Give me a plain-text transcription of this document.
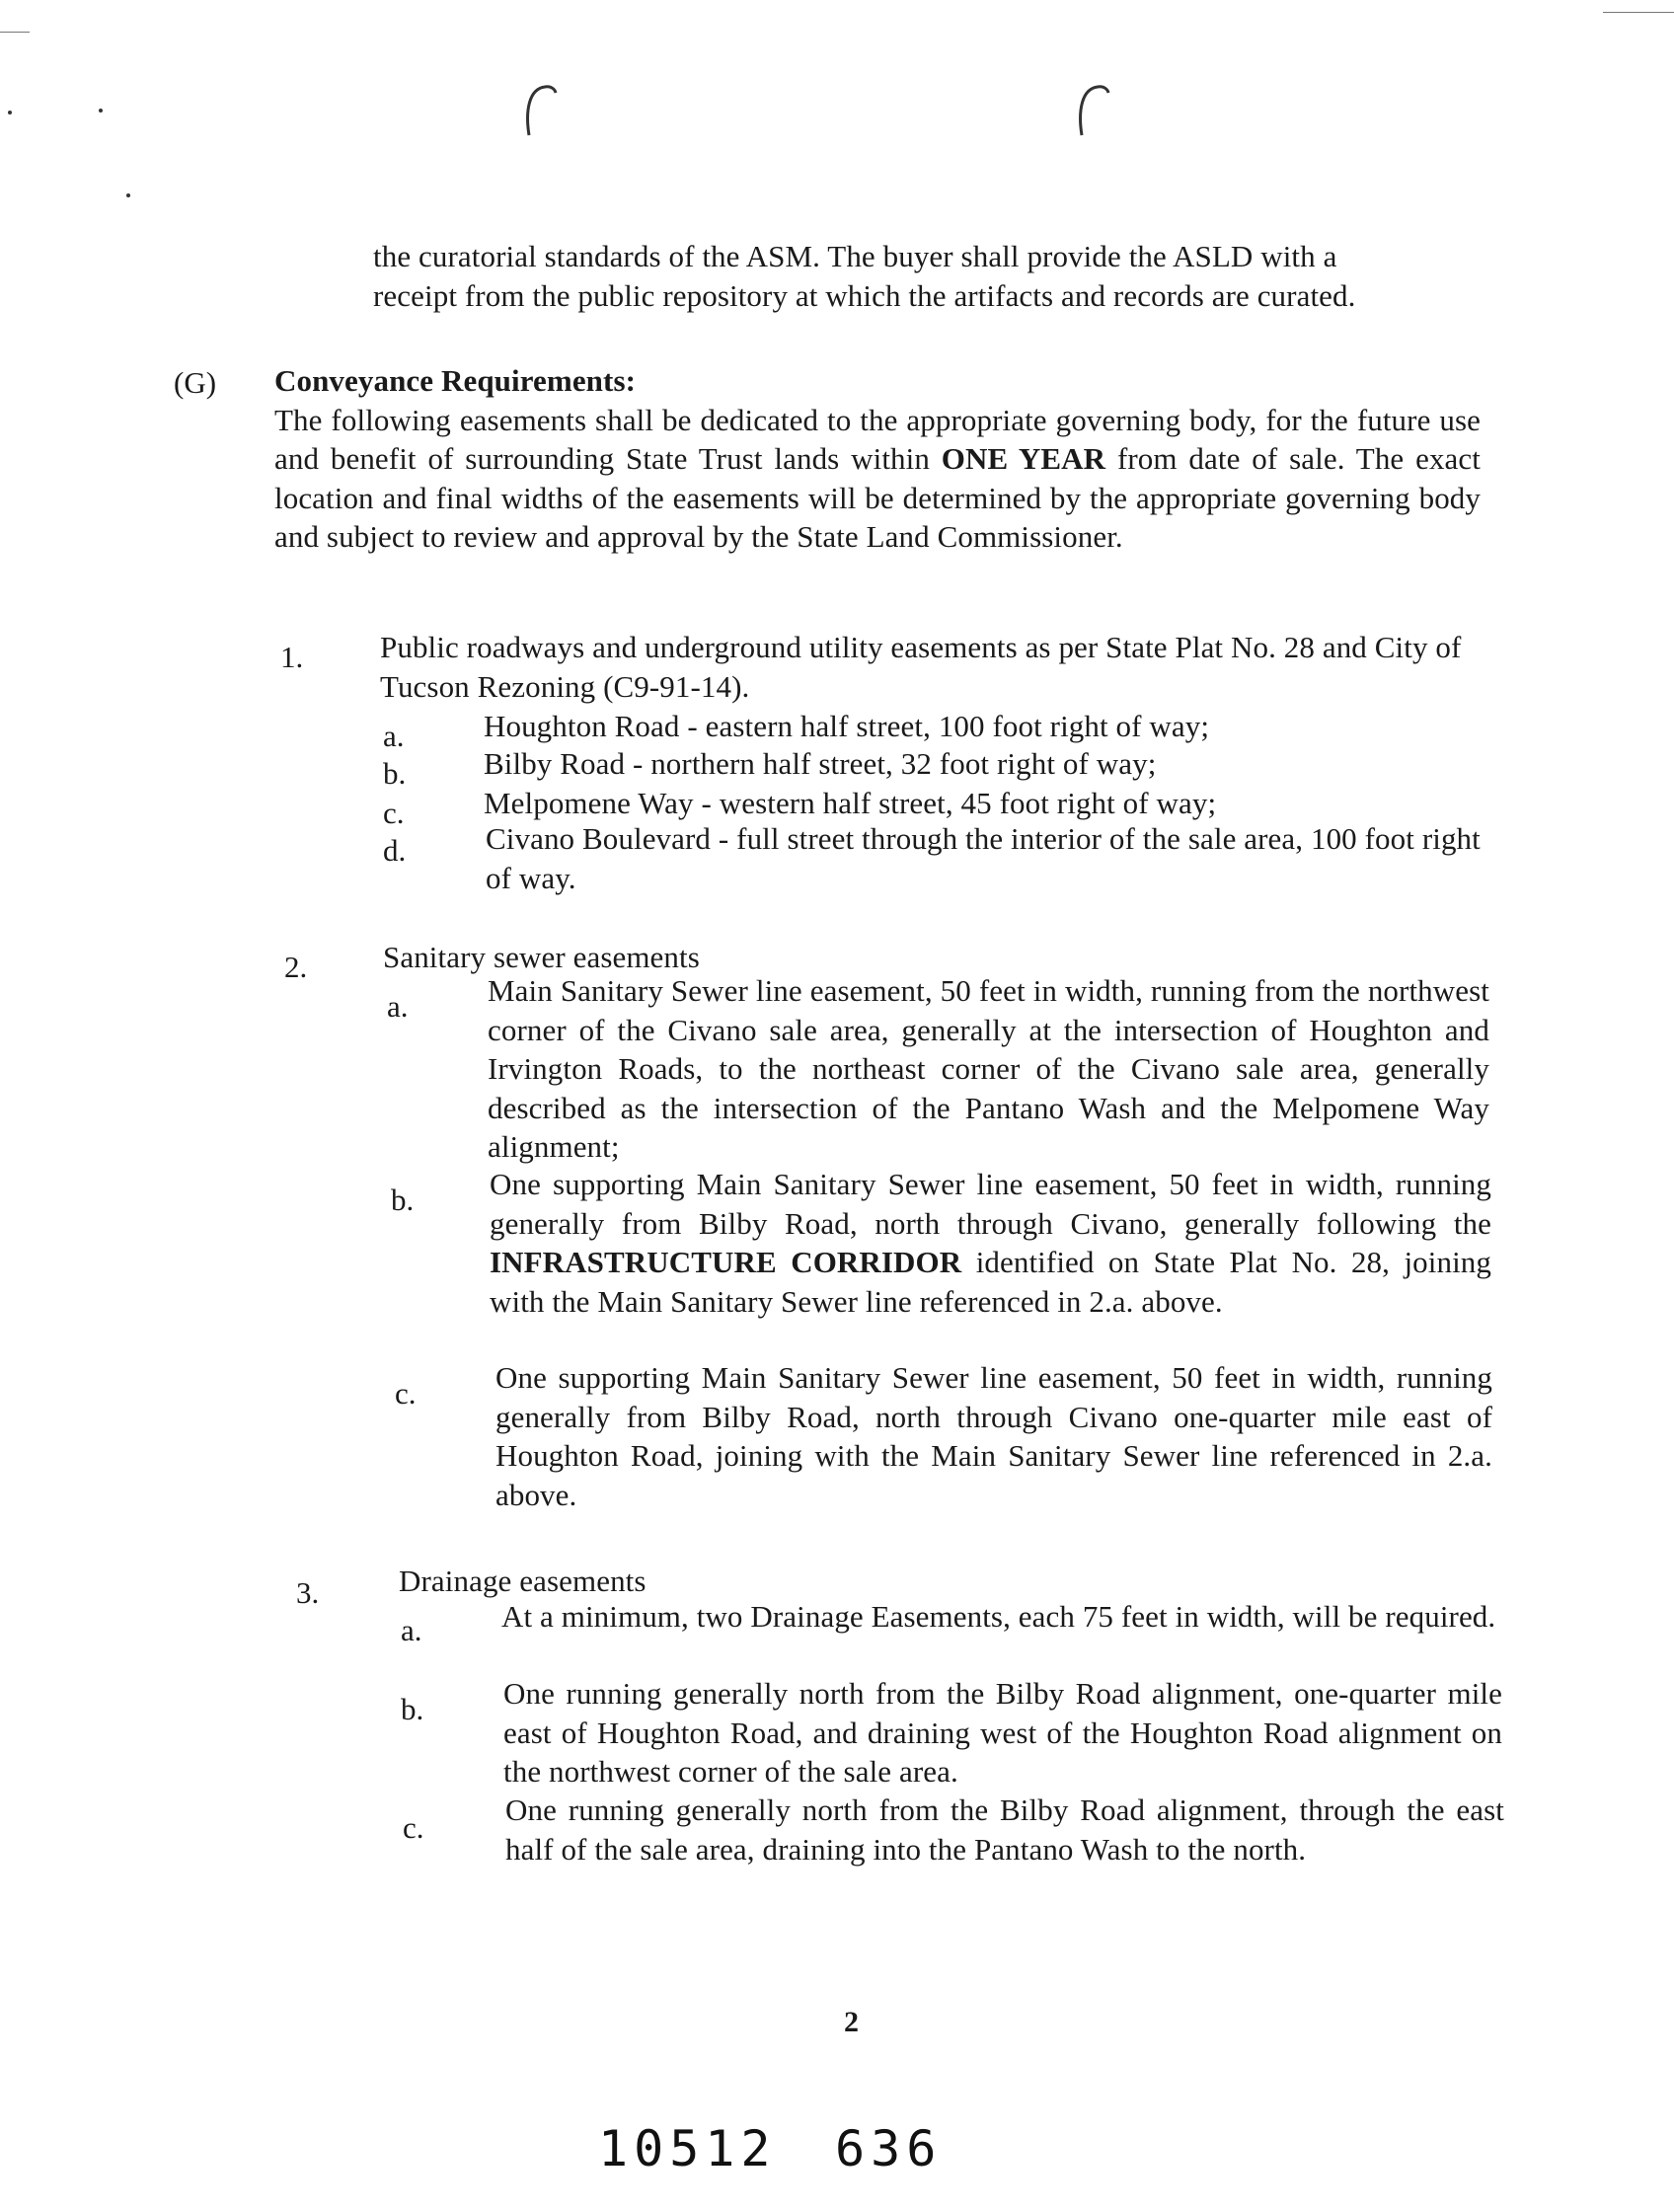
the curatorial standards of the ASM. The buyer shall provide the ASLD with a
receipt from the public repository at which the artifacts and records are curated.
(G) Conveyance Requirements:
The following easements shall be dedicated to the appropriate governing body, for the future use and benefit of surrounding State Trust lands within ONE YEAR from date of sale. The exact location and final widths of the easements will be determined by the appropriate governing body and subject to review and approval by the State Land Commissioner.
1.	Public roadways and underground utility easements as per State Plat No. 28 and City of Tucson Rezoning (C9-91-14).
a.	Houghton Road - eastern half street, 100 foot right of way;
b.	Bilby Road - northern half street, 32 foot right of way;
c.	Melpomene Way - western half street, 45 foot right of way;
d.	Civano Boulevard - full street through the interior of the sale area, 100 foot right of way.
2. Sanitary sewer easements
a.	Main Sanitary Sewer line easement, 50 feet in width, running from the northwest corner of the Civano sale area, generally at the intersection of Houghton and Irvington Roads, to the northeast corner of the Civano sale area, generally described as the intersection of the Pantano Wash and the Melpomene Way alignment;
b. One supporting Main Sanitary Sewer line easement, 50 feet in width, running generally from Bilby Road, north through Civano, generally following the INFRASTRUCTURE CORRIDOR identified on State Plat No. 28, joining with the Main Sanitary Sewer line referenced in 2.a. above.
c.	One supporting Main Sanitary Sewer line easement, 50 feet in width, running generally from Bilby Road, north through Civano one-quarter mile east of Houghton Road, joining with the Main Sanitary Sewer line referenced in 2.a. above.
3.	Drainage easements
a.	At a minimum, two Drainage Easements, each 75 feet in width, will be required.
b.	One running generally north from the Bilby Road alignment, one-quarter mile east of Houghton Road, and draining west of the Houghton Road alignment on the northwest corner of the sale area.
c.
One running generally north from the Bilby Road alignment, through the east half of the sale area, draining into the Pantano Wash to the north.
2
10512 636
